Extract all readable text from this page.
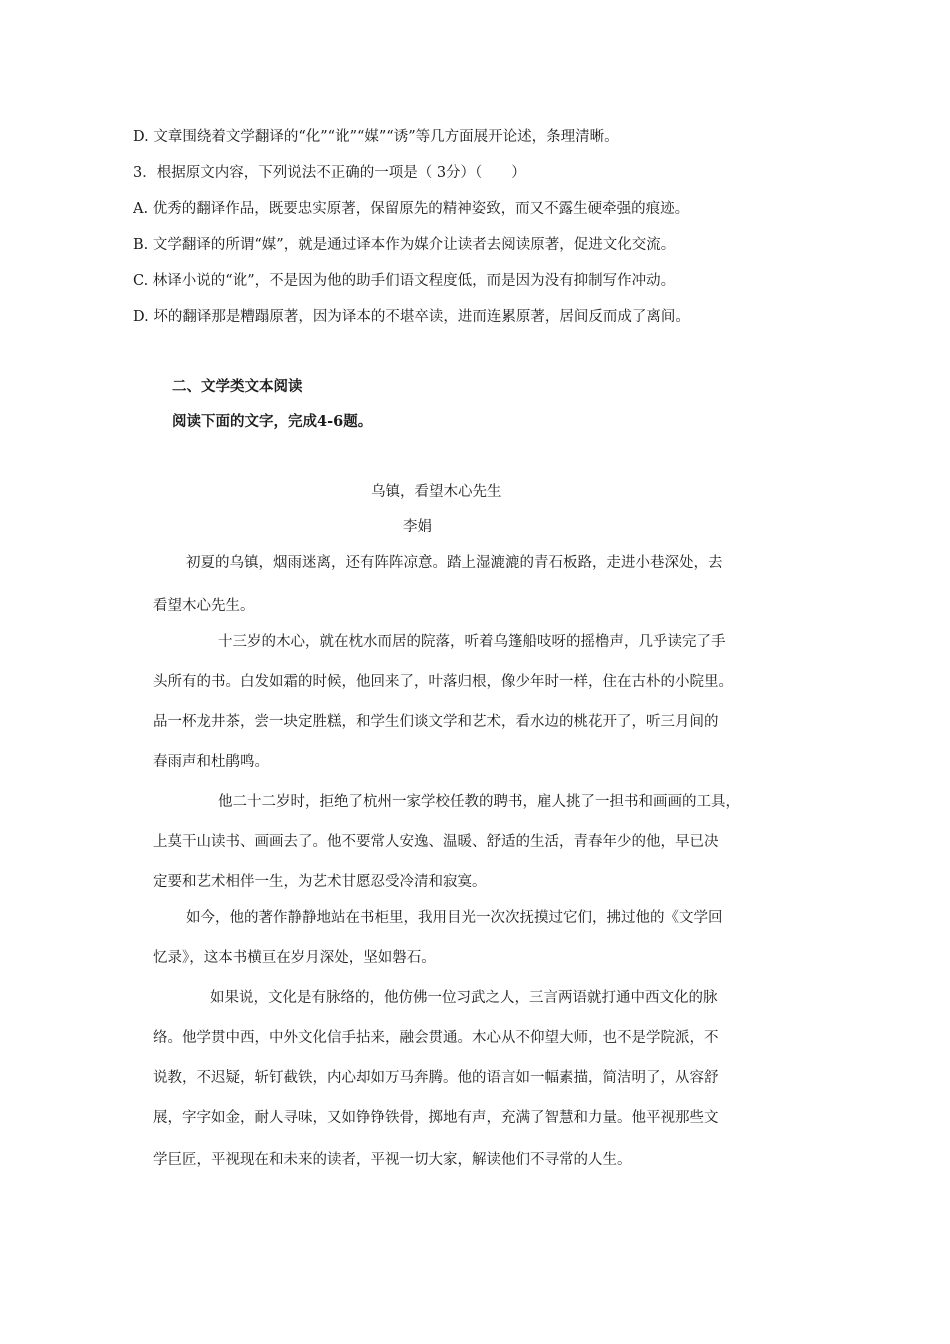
D. 文章围绕着文学翻译的“化”“讹”“媒”“诱”等几方面展开论述，条理清晰。
3．根据原文内容，下列说法不正确的一项是（ 3分）（　　）
A. 优秀的翻译作品，既要忠实原著，保留原先的精神姿致，而又不露生硬牵强的痕迹。
B. 文学翻译的所谓“媒”，就是通过译本作为媒介让读者去阅读原著，促进文化交流。
C. 林译小说的“讹”，不是因为他的助手们语文程度低，而是因为没有抑制写作冲动。
D. 坏的翻译那是糟蹋原著，因为译本的不堪卒读，进而连累原著，居间反而成了离间。
二、文学类文本阅读
阅读下面的文字，完成4-6题。
乌镇，看望木心先生
李娟
初夏的乌镇，烟雨迷离，还有阵阵凉意。踏上湿漉漉的青石板路，走进小巷深处，去
看望木心先生。
十三岁的木心，就在枕水而居的院落，听着乌篷船吱呀的摇橹声，几乎读完了手
头所有的书。白发如霜的时候，他回来了，叶落归根，像少年时一样，住在古朴的小院里。
品一杯龙井茶，尝一块定胜糕，和学生们谈文学和艺术，看水边的桃花开了，听三月间的
春雨声和杜鹃鸣。
他二十二岁时，拒绝了杭州一家学校任教的聘书，雇人挑了一担书和画画的工具，
上莫干山读书、画画去了。他不要常人安逸、温暖、舒适的生活，青春年少的他，早已决
定要和艺术相伴一生，为艺术甘愿忍受冷清和寂寞。
如今，他的著作静静地站在书柜里，我用目光一次次抚摸过它们，拂过他的《文学回
忆录》，这本书横亘在岁月深处，坚如磐石。
如果说，文化是有脉络的，他仿佛一位习武之人，三言两语就打通中西文化的脉
络。他学贯中西，中外文化信手拈来，融会贯通。木心从不仰望大师，也不是学院派，不
说教，不迟疑，斩钉截铁，内心却如万马奔腾。他的语言如一幅素描，简洁明了，从容舒
展，字字如金，耐人寻味，又如铮铮铁骨，掷地有声，充满了智慧和力量。他平视那些文
学巨匠，平视现在和未来的读者，平视一切大家，解读他们不寻常的人生。
